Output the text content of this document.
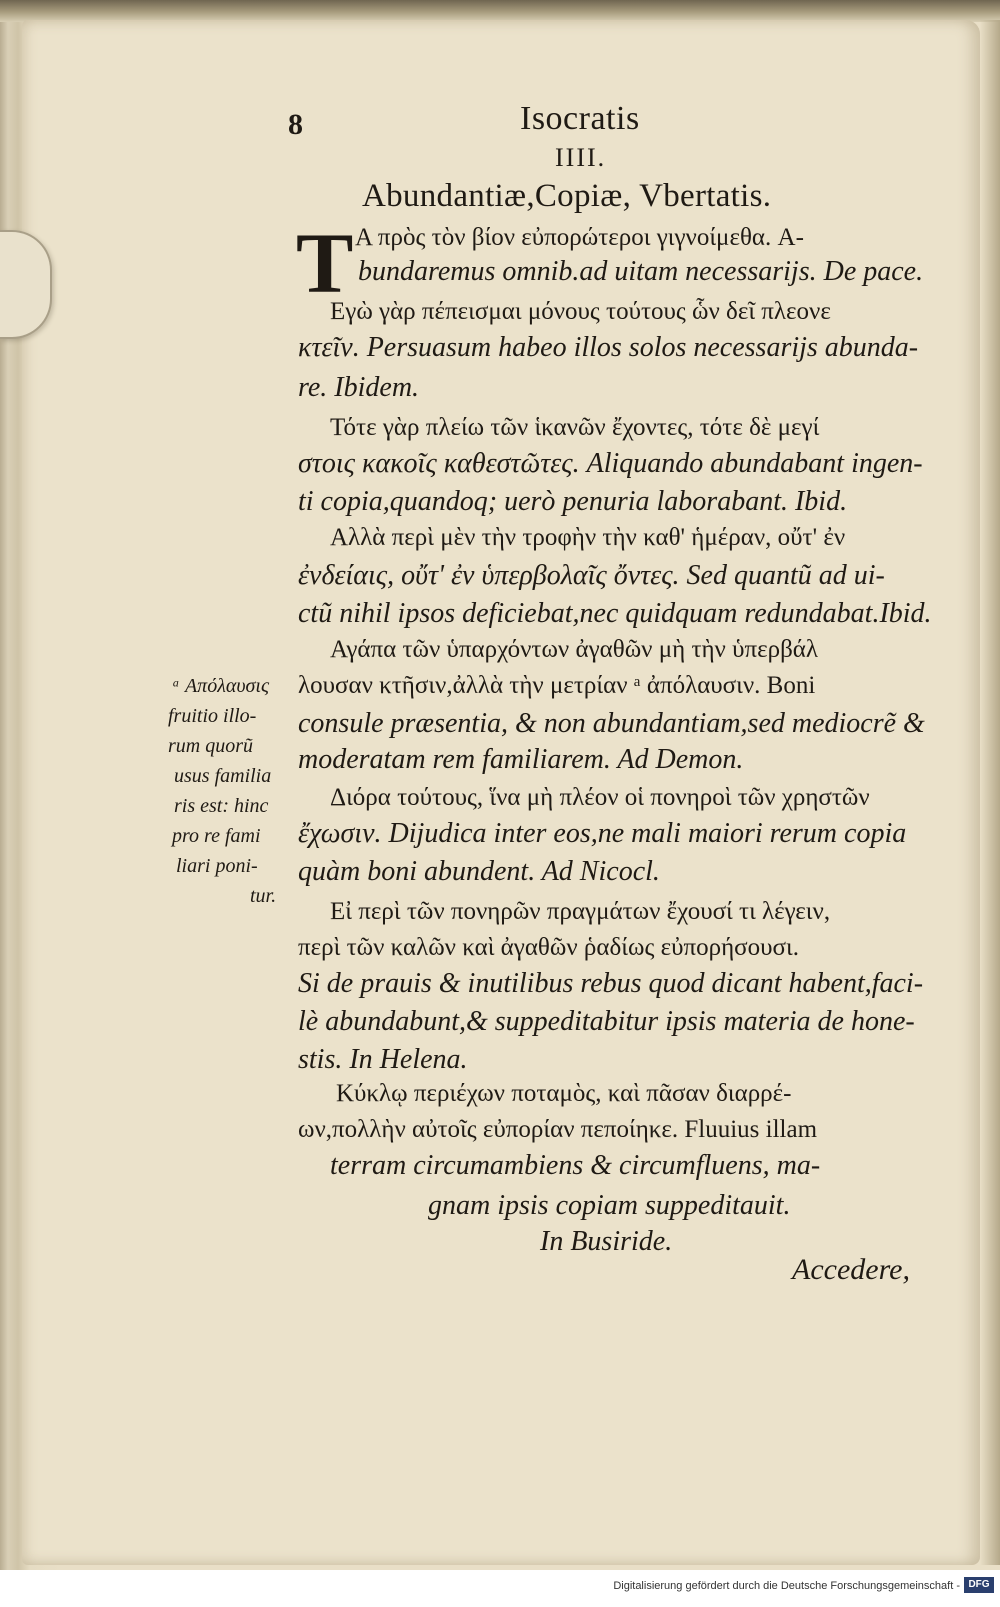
8	Isocratis
IIII.
Abundantiæ,Copiæ, Vbertatis.
T Α πρὸς τὸν βίον εὐπορώτεροι γιγνοίμεθα. A-
bundaremus omnib.ad uitam necessarijs. De pace.
Εγὼ γὰρ πέπεισμαι μόνους τούτους ὧν δεῖ πλεονε
κτεῖν. Persuasum habeo illos solos necessarijs abunda-
re. Ibidem.
Τότε γὰρ πλείω τῶν ἱκανῶν ἔχοντες, τότε δὲ μεγί
στοις κακοῖς καθεστῶτες. Aliquando abundabant ingen-
ti copia,quandoq; uerò penuria laborabant. Ibid.
Αλλὰ περὶ μὲν τὴν τροφὴν τὴν καθ' ἡμέραν, οὔτ' ἐν
ἐνδείαις, οὔτ' ἐν ὑπερβολαῖς ὄντες. Sed quantũ ad ui-
ctũ nihil ipsos deficiebat,nec quidquam redundabat.Ibid.
Αγάπα τῶν ὑπαρχόντων ἀγαθῶν μὴ τὴν ὑπερβάλ
λουσαν κτῆσιν,ἀλλὰ τὴν μετρίαν ᵃ ἀπόλαυσιν. Boni
consule præsentia, & non abundantiam,sed mediocrẽ &
moderatam rem familiarem. Ad Demon.
Διόρα τούτους, ἵνα μὴ πλέον οἱ πονηροὶ τῶν χρηστῶν
ἔχωσιν. Dijudica inter eos,ne mali maiori rerum copia
quàm boni abundent. Ad Nicocl.
Εἰ περὶ τῶν πονηρῶν πραγμάτων ἔχουσί τι λέγειν,
περὶ τῶν καλῶν καὶ ἀγαθῶν ῥαδίως εὐπορήσουσι.
Si de prauis & inutilibus rebus quod dicant habent,faci-
lè abundabunt,& suppeditabitur ipsis materia de hone-
stis. In Helena.
Κύκλῳ περιέχων ποταμὸς, καὶ πᾶσαν διαρρέ-
ων,πολλὴν αὐτοῖς εὐπορίαν πεποίηκε. Fluuius illam
terram circumambiens & circumfluens, ma-
gnam ipsis copiam suppeditauit.
In Busiride.
ᵃ Απόλαυσις
fruitio illo-
rum quorũ
usus familia
ris est: hinc
pro re fami
liari poni-
tur.
Accedere,
Digitalisierung gefördert durch die Deutsche Forschungsgemeinschaft - DFG
